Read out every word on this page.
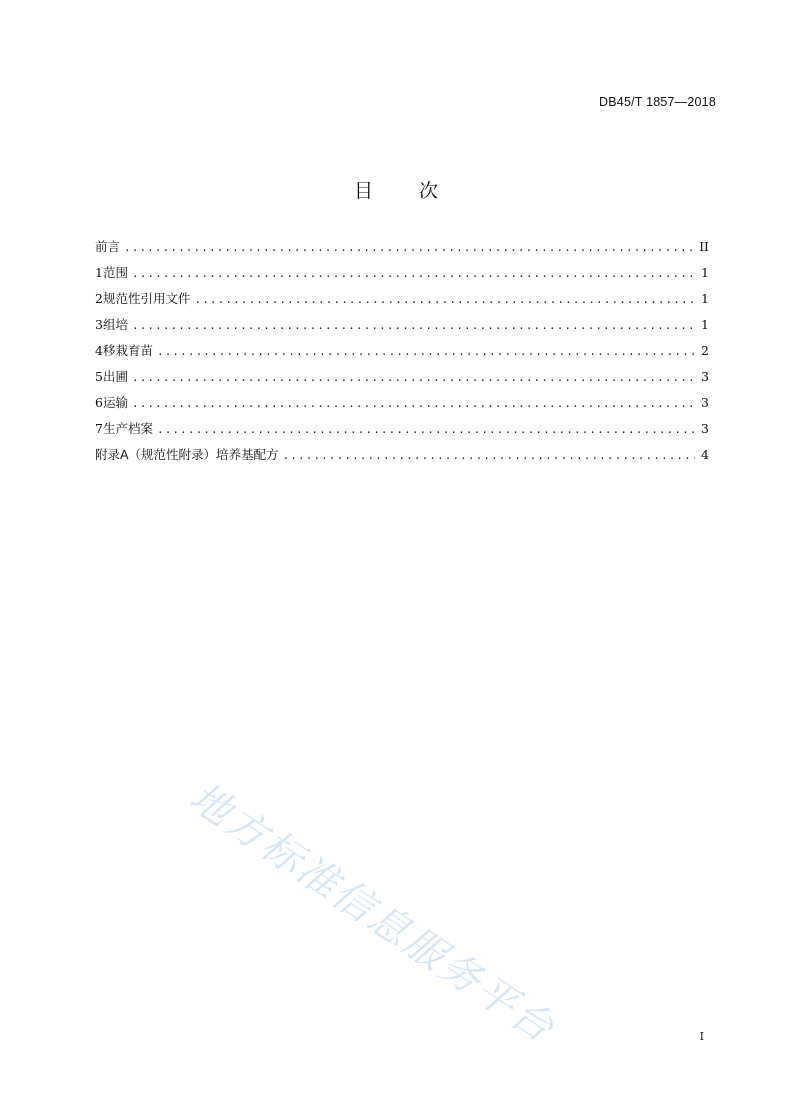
DB45/T 1857—2018
目次
前言 .....	II
1 范围 .....	1
2 规范性引用文件 .....	1
3 组培 .....	1
4 移栽育苗 .....	2
5 出圃 .....	3
6 运输 .....	3
7 生产档案 .....	3
附录A（规范性附录）培养基配方 .....	4
地方标准信息服务平台	I
